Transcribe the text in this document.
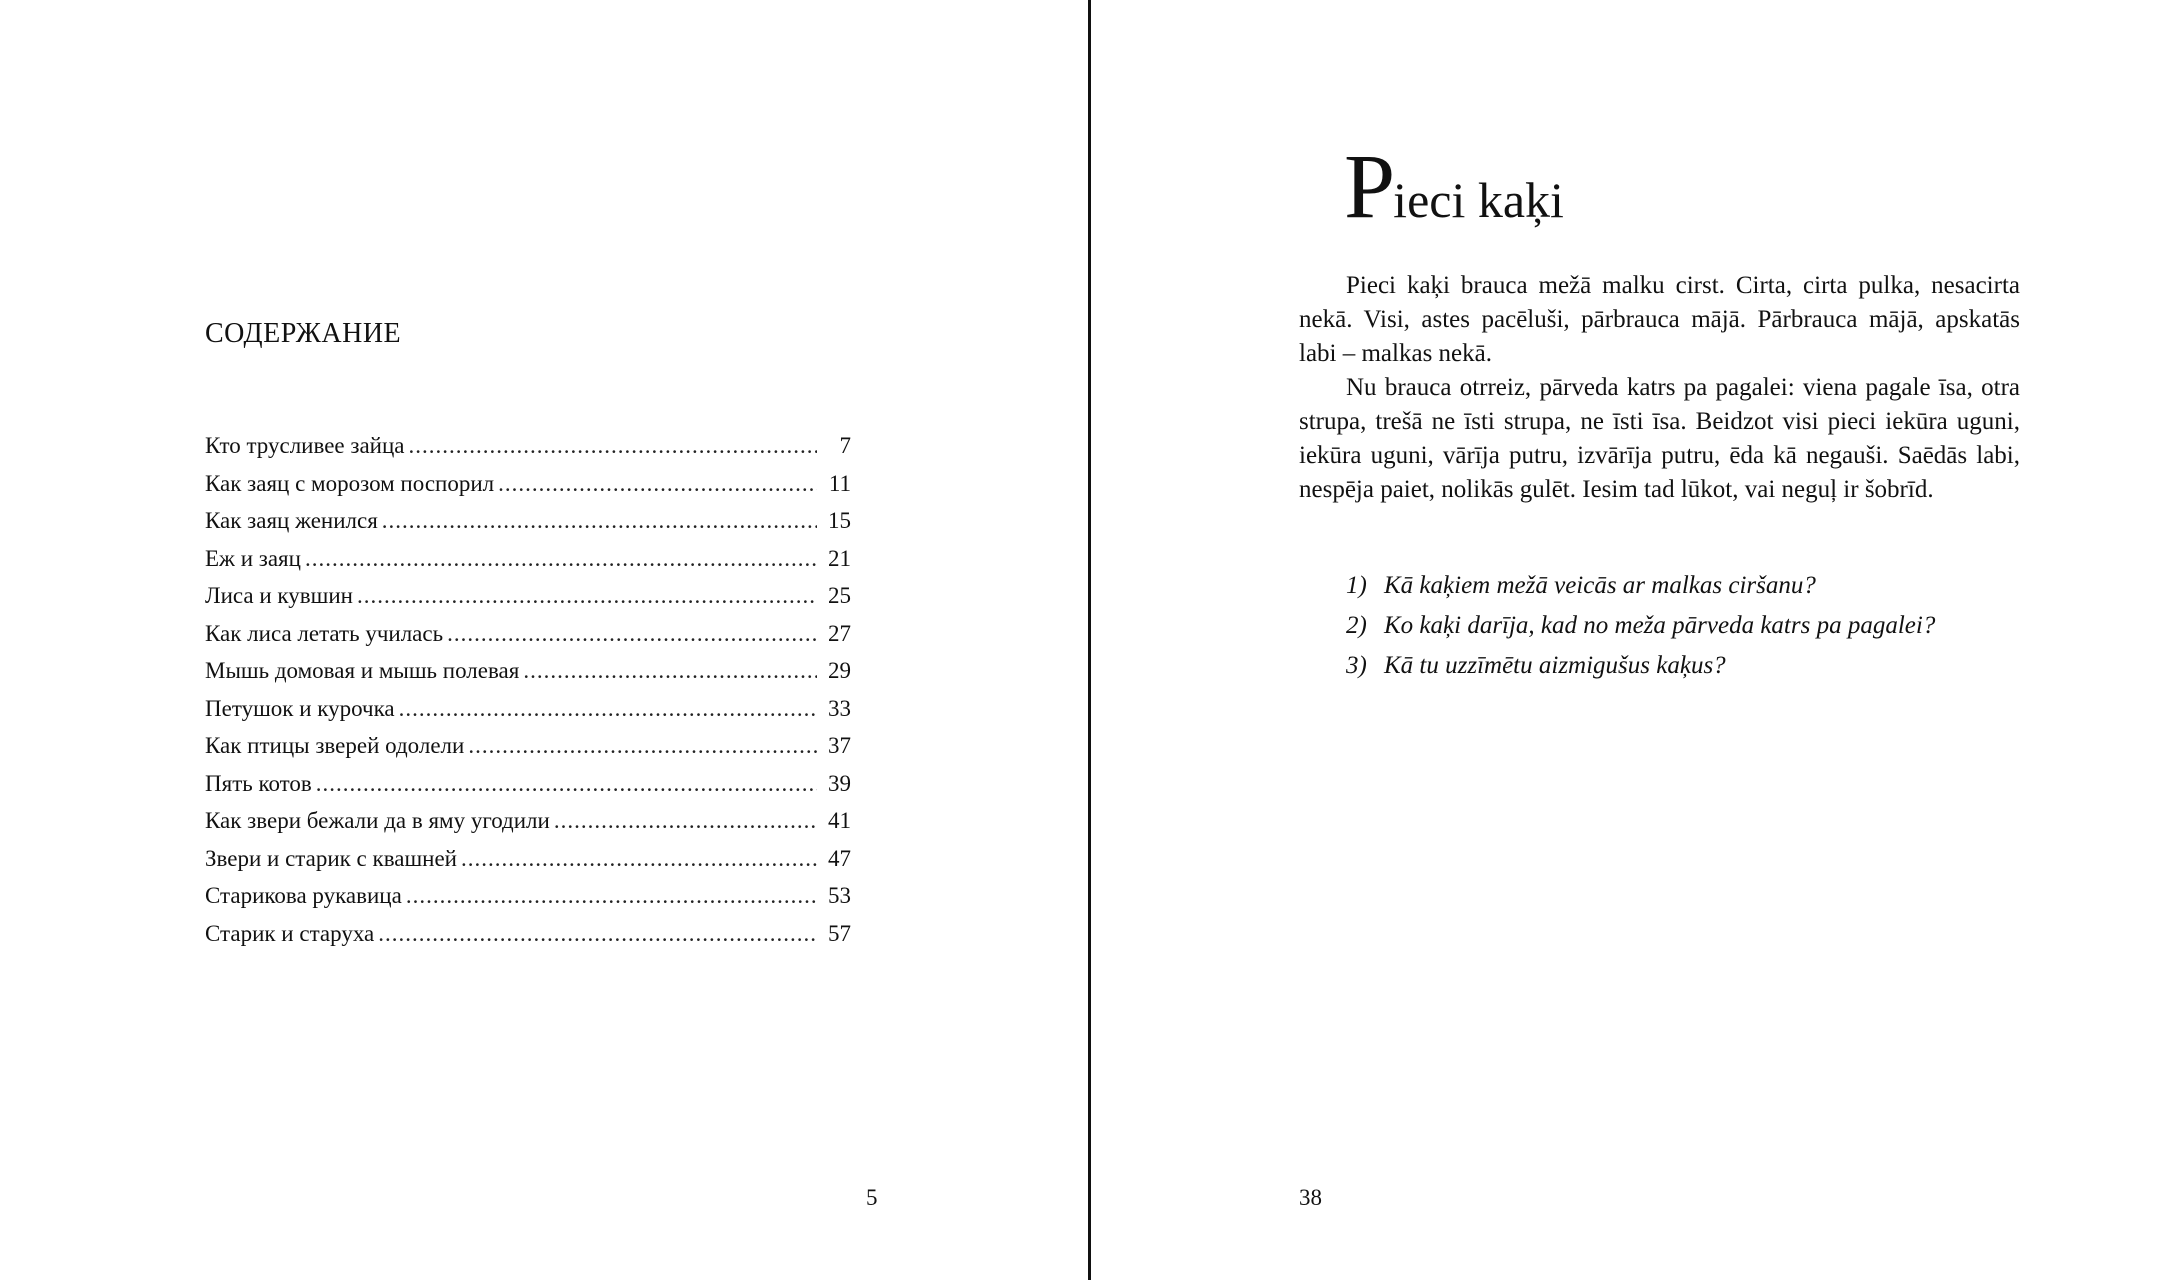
СОДЕРЖАНИЕ
Кто трусливее зайца .....	7
Как заяц с морозом поспорил .....	11
Как заяц женился .....	15
Еж и заяц .....	21
Лиса и кувшин .....	25
Как лиса летать училась .....	27
Мышь домовая и мышь полевая .....	29
Петушок и курочка .....	33
Как птицы зверей одолели .....	37
Пять котов .....	39
Как звери бежали да в яму угодили .....	41
Звери и старик с квашней .....	47
Старикова рукавица .....	53
Старик и старуха .....	57
5
Pieci kaķi

Pieci kaķi brauca mežā malku cirst. Cirta, cirta pulka, nesacirta nekā. Visi, astes pacēluši, pārbrauca mājā. Pārbrauca mājā, apskatās labi – malkas nekā.

Nu brauca otrreiz, pārveda katrs pa pagalei: viena pagale īsa, otra strupa, trešā ne īsti strupa, ne īsti īsa. Beidzot visi pieci iekūra uguni, iekūra uguni, vārīja putru, izvārīja putru, ēda kā negauši. Saēdās labi, nespēja paiet, nolikās gulēt. Iesim tad lūkot, vai neguļ ir šobrīd.

1) Kā kaķiem mežā veicās ar malkas ciršanu?
2) Ko kaķi darīja, kad no meža pārveda katrs pa pagalei?
3) Kā tu uzzīmētu aizmigušus kaķus?
38
